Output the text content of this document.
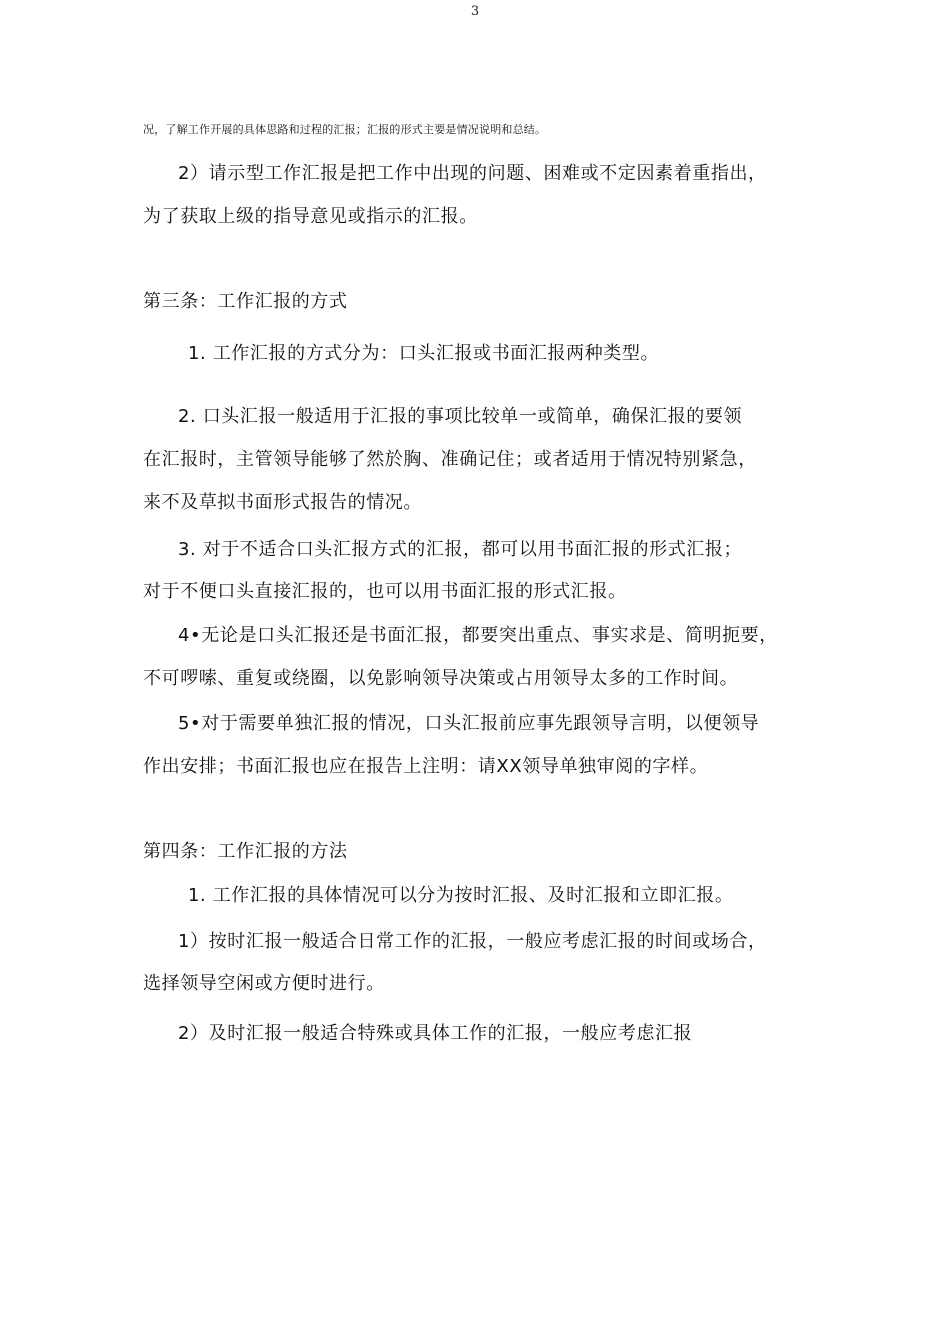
3
况，了解工作开展的具体思路和过程的汇报；汇报的形式主要是情况说明和总结。
2）请示型工作汇报是把工作中出现的问题、困难或不定因素着重指出，
为了获取上级的指导意见或指示的汇报。
第三条：工作汇报的方式
1. 工作汇报的方式分为：口头汇报或书面汇报两种类型。
2. 口头汇报一般适用于汇报的事项比较单一或简单，确保汇报的要领
在汇报时，主管领导能够了然於胸、准确记住；或者适用于情况特别紧急，
来不及草拟书面形式报告的情况。
3. 对于不适合口头汇报方式的汇报，都可以用书面汇报的形式汇报；
对于不便口头直接汇报的，也可以用书面汇报的形式汇报。
4•无论是口头汇报还是书面汇报，都要突出重点、事实求是、简明扼要，
不可啰嗦、重复或绕圈，以免影响领导决策或占用领导太多的工作时间。
5•对于需要单独汇报的情况，口头汇报前应事先跟领导言明，以便领导
作出安排；书面汇报也应在报告上注明：请XX领导单独审阅的字样。
第四条：工作汇报的方法
1. 工作汇报的具体情况可以分为按时汇报、及时汇报和立即汇报。
1）按时汇报一般适合日常工作的汇报，一般应考虑汇报的时间或场合，
选择领导空闲或方便时进行。
2）及时汇报一般适合特殊或具体工作的汇报，一般应考虑汇报
